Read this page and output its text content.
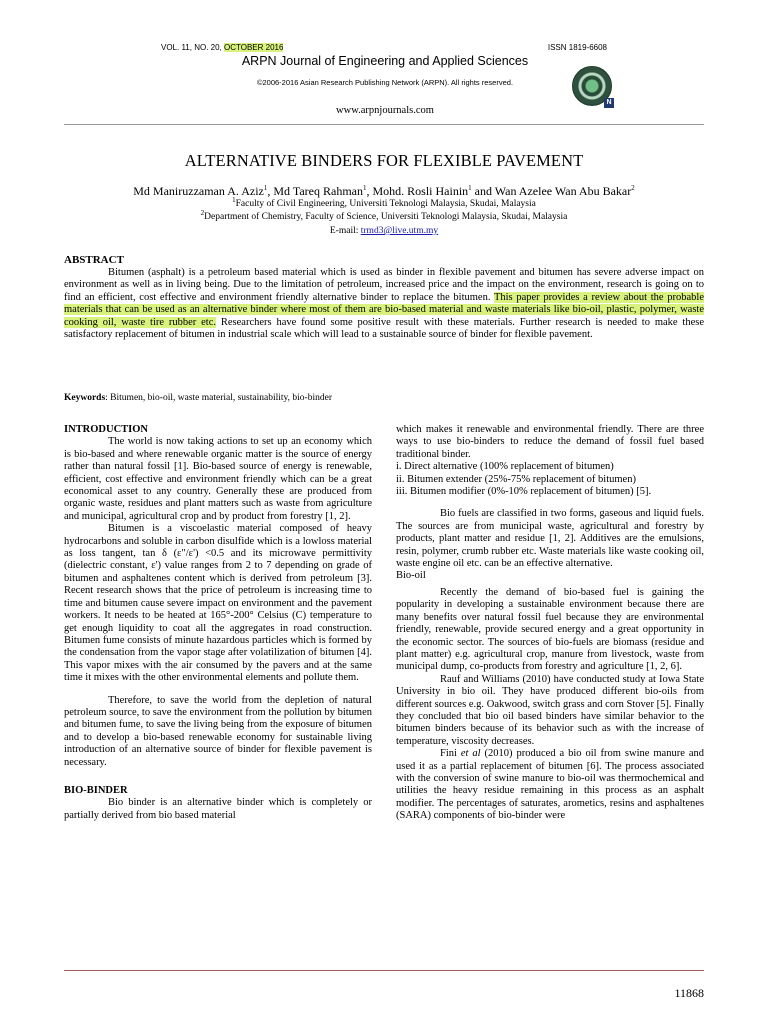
VOL. 11, NO. 20, OCTOBER 2016	ISSN 1819-6608
ARPN Journal of Engineering and Applied Sciences
©2006-2016 Asian Research Publishing Network (ARPN). All rights reserved.
N
www.arpnjournals.com
ALTERNATIVE BINDERS FOR FLEXIBLE PAVEMENT
Md Maniruzzaman A. Aziz$^1$, Md Tareq Rahman$^1$, Mohd. Rosli Hainin$^1$ and Wan Azelee Wan Abu Bakar$^2$
$^1$Faculty of Civil Engineering, Universiti Teknologi Malaysia, Skudai, Malaysia
$^2$Department of Chemistry, Faculty of Science, Universiti Teknologi Malaysia, Skudai, Malaysia
E-mail: trmd3@live.utm.my
ABSTRACT

Bitumen (asphalt) is a petroleum based material which is used as binder in flexible pavement and bitumen has severe adverse impact on environment as well as in living being. Due to the limitation of petroleum, increased price and the impact on the environment, research is going on to find an efficient, cost effective and environment friendly alternative binder to replace the bitumen. This paper provides a review about the probable materials that can be used as an alternative binder where most of them are bio-based material and waste materials like bio-oil, plastic, polymer, waste cooking oil, waste tire rubber etc. Researchers have found some positive result with these materials. Further research is needed to make these satisfactory replacement of bitumen in industrial scale which will lead to a sustainable source of binder for flexible pavement.

Keywords: Bitumen, bio-oil, waste material, sustainability, bio-binder

INTRODUCTION

The world is now taking actions to set up an economy which is bio-based and where renewable organic matter is the source of energy rather than natural fossil [1]. Bio-based source of energy is renewable, efficient, cost effective and environment friendly which can be a great economical asset to any country. Generally these are produced from organic waste, residues and plant matters such as waste from agriculture and municipal, agricultural crop and by product from forestry [1, 2].

Bitumen is a viscoelastic material composed of heavy hydrocarbons and soluble in carbon disulfide which is a lowloss material as loss tangent, tan δ (ε"/ε') <0.5 and its microwave permittivity (dielectric constant, ε') value ranges from 2 to 7 depending on grade of bitumen and asphaltenes content which is derived from petroleum [3]. Recent research shows that the price of petroleum is increasing time to time and bitumen cause severe impact on environment and the pavement workers. It needs to be heated at 165°-200° Celsius (C) temperature to get enough liquidity to coat all the aggregates in road construction. Bitumen fume consists of minute hazardous particles which is formed by the condensation from the vapor stage after volatilization of bitumen [4]. This vapor mixes with the air consumed by the pavers and at the same time it mixes with the other environmental elements and pollute them.

Therefore, to save the world from the depletion of natural petroleum source, to save the environment from the pollution by bitumen and bitumen fume, to save the living being from the exposure of bitumen and to develop a bio-based renewable economy for sustainable living introduction of an alternative source of binder for flexible pavement is necessary.

BIO-BINDER

Bio binder is an alternative binder which is completely or partially derived from bio based material

which makes it renewable and environmental friendly. There are three ways to use bio-binders to reduce the demand of fossil fuel based traditional binder.

i. Direct alternative (100% replacement of bitumen)

ii. Bitumen extender (25%-75% replacement of bitumen)

iii. Bitumen modifier (0%-10% replacement of bitumen) [5].

Bio fuels are classified in two forms, gaseous and liquid fuels. The sources are from municipal waste, agricultural and forestry by products, plant matter and residue [1, 2]. Additives are the emulsions, resin, polymer, crumb rubber etc. Waste materials like waste cooking oil, waste engine oil etc. can be an effective alternative.

Bio-oil

Recently the demand of bio-based fuel is gaining the popularity in developing a sustainable environment because there are many benefits over natural fossil fuel because they are environmental friendly, renewable, provide secured energy and a great opportunity in the economic sector. The sources of bio-fuels are biomass (residue and plant matter) e.g. agricultural crop, manure from livestock, waste from municipal dump, co-products from forestry and agriculture [1, 2, 6].

Rauf and Williams (2010) have conducted study at Iowa State University in bio oil. They have produced different bio-oils from different sources e.g. Oakwood, switch grass and corn Stover [5]. Finally they concluded that bio oil based binders have similar behavior to the bitumen binders because of its behavior such as with the increase of temperature, viscosity decreases.

Fini et al (2010) produced a bio oil from swine manure and used it as a partial replacement of bitumen [6]. The process associated with the conversion of swine manure to bio-oil was thermochemical and utilities the heavy residue remaining in this process as an asphalt modifier. The percentages of saturates, arometics, resins and asphaltenes (SARA) components of bio-binder were

11868
